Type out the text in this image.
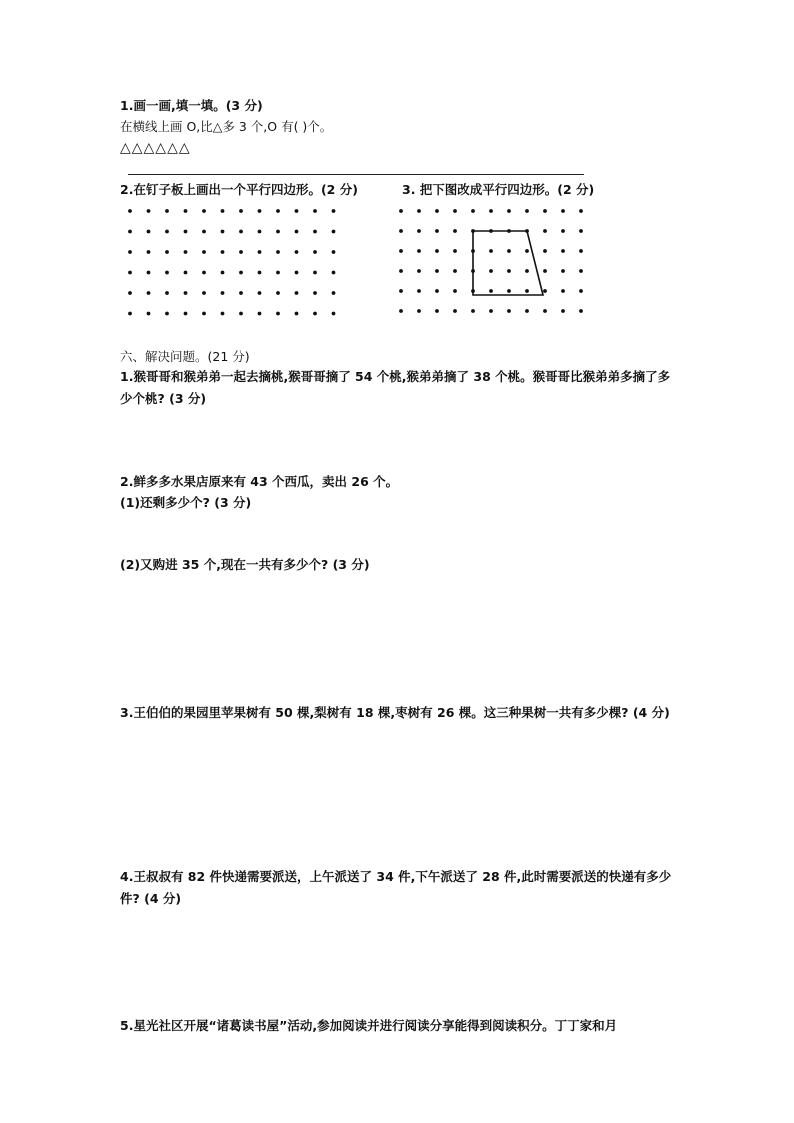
1.画一画,填一填。(3 分)
在横线上画 O,比△多 3 个,O 有( )个。
△△△△△△
2.在钉子板上画出一个平行四边形。(2 分)	3. 把下图改成平行四边形。(2 分)
六、解决问题。(21 分)
1.猴哥哥和猴弟弟一起去摘桃,猴哥哥摘了 54 个桃,猴弟弟摘了 38 个桃。猴哥哥比猴弟弟多摘了多少个桃? (3 分)
2.鲜多多水果店原来有 43 个西瓜，卖出 26 个。
(1)还剩多少个? (3 分)
(2)又购进 35 个,现在一共有多少个? (3 分)
3.王伯伯的果园里苹果树有 50 棵,梨树有 18 棵,枣树有 26 棵。这三种果树一共有多少棵? (4 分)
4.王叔叔有 82 件快递需要派送，上午派送了 34 件,下午派送了 28 件,此时需要派送的快递有多少件? (4 分)
5.星光社区开展“诸葛读书屋”活动,参加阅读并进行阅读分享能得到阅读积分。丁丁家和月
